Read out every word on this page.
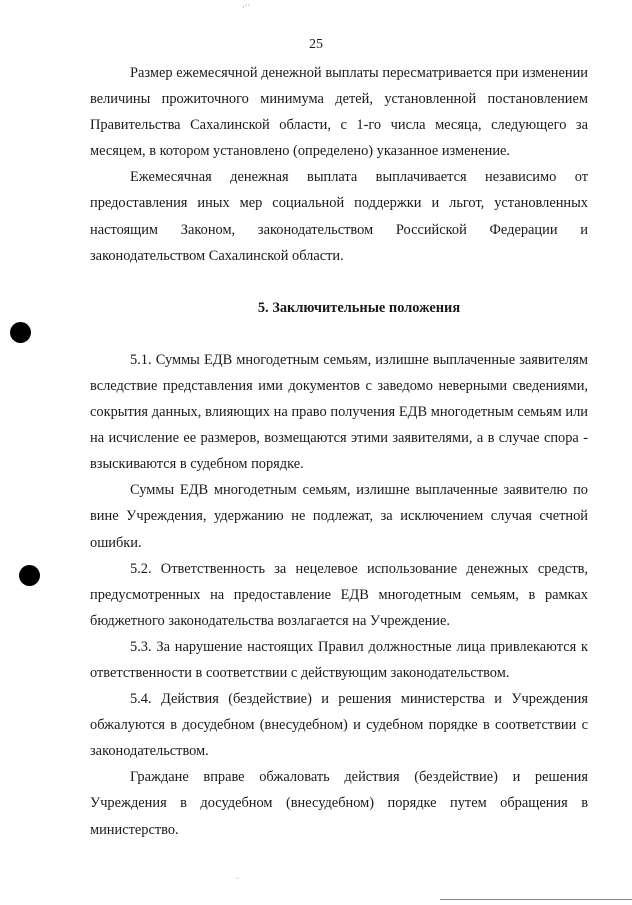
·˙˙
25

Размер ежемесячной денежной выплаты пересматривается при изменении величины прожиточного минимума детей, установленной постановлением Правительства Сахалинской области, с 1-го числа месяца, следующего за месяцем, в котором установлено (определено) указанное изменение.

Ежемесячная денежная выплата выплачивается независимо от предоставления иных мер социальной поддержки и льгот, установленных настоящим Законом, законодательством Российской Федерации и законодательством Сахалинской области.

5. Заключительные положения

5.1. Суммы ЕДВ многодетным семьям, излишне выплаченные заявителям вследствие представления ими документов с заведомо неверными сведениями, сокрытия данных, влияющих на право получения ЕДВ многодетным семьям или на исчисление ее размеров, возмещаются этими заявителями, а в случае спора - взыскиваются в судебном порядке.

Суммы ЕДВ многодетным семьям, излишне выплаченные заявителю по вине Учреждения, удержанию не подлежат, за исключением случая счетной ошибки.

5.2. Ответственность за нецелевое использование денежных средств, предусмотренных на предоставление ЕДВ многодетным семьям, в рамках бюджетного законодательства возлагается на Учреждение.

5.3. За нарушение настоящих Правил должностные лица привлекаются к ответственности в соответствии с действующим законодательством.

5.4. Действия (бездействие) и решения министерства и Учреждения обжалуются в досудебном (внесудебном) и судебном порядке в соответствии с законодательством.

Граждане вправе обжаловать действия (бездействие) и решения Учреждения в досудебном (внесудебном) порядке путем обращения в министерство.

ˎ
